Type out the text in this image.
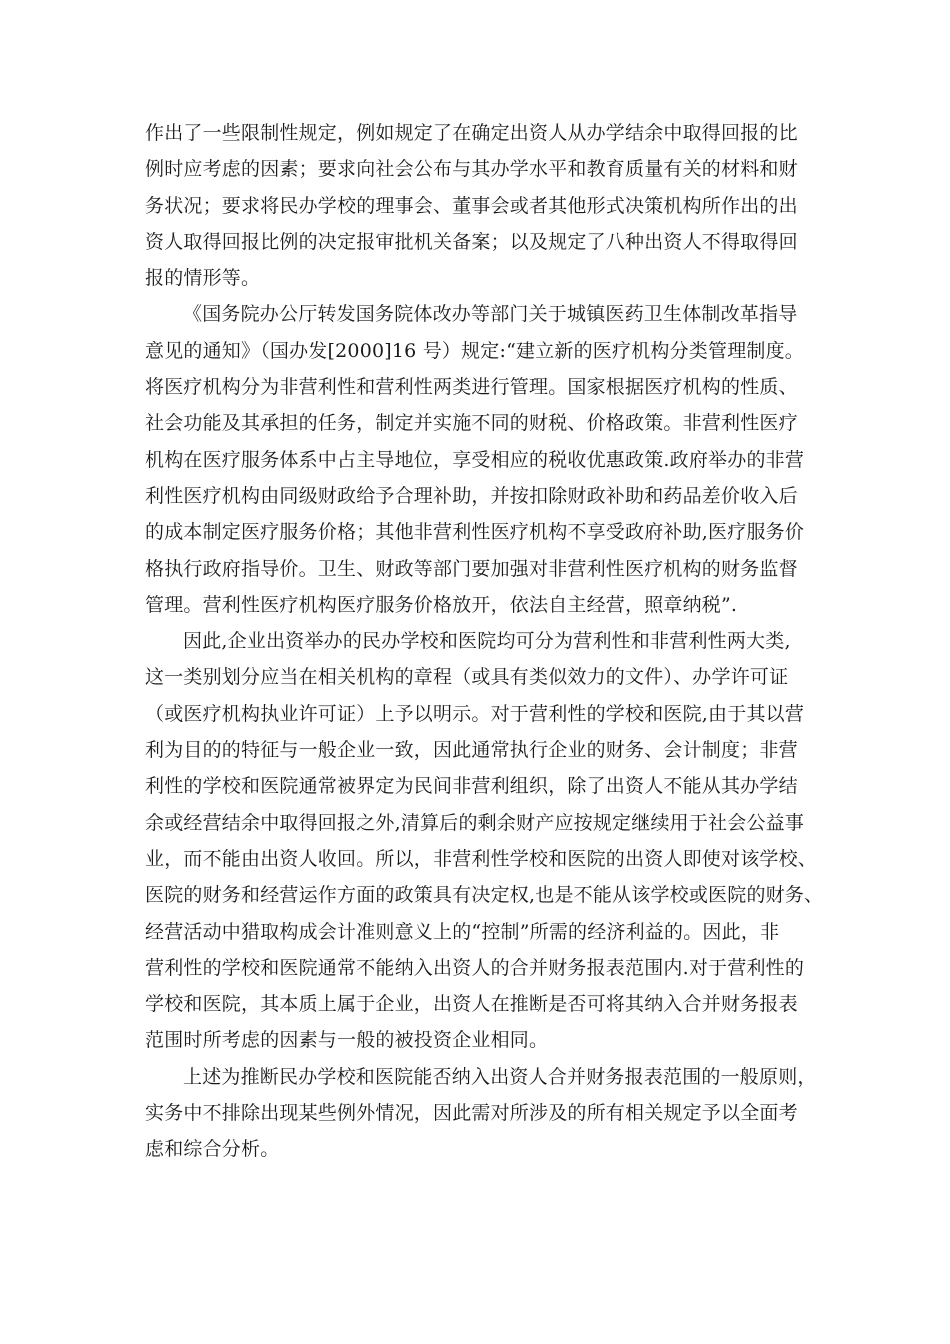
作出了一些限制性规定，例如规定了在确定出资人从办学结余中取得回报的比
例时应考虑的因素；要求向社会公布与其办学水平和教育质量有关的材料和财
务状况；要求将民办学校的理事会、董事会或者其他形式决策机构所作出的出
资人取得回报比例的决定报审批机关备案；以及规定了八种出资人不得取得回
报的情形等。

《国务院办公厅转发国务院体改办等部门关于城镇医药卫生体制改革指导
意见的通知》（国办发[2000]16 号）规定:“建立新的医疗机构分类管理制度。
将医疗机构分为非营利性和营利性两类进行管理。国家根据医疗机构的性质、
社会功能及其承担的任务，制定并实施不同的财税、价格政策。非营利性医疗
机构在医疗服务体系中占主导地位，享受相应的税收优惠政策.政府举办的非营
利性医疗机构由同级财政给予合理补助，并按扣除财政补助和药品差价收入后
的成本制定医疗服务价格；其他非营利性医疗机构不享受政府补助,医疗服务价
格执行政府指导价。卫生、财政等部门要加强对非营利性医疗机构的财务监督
管理。营利性医疗机构医疗服务价格放开，依法自主经营，照章纳税”.

因此,企业出资举办的民办学校和医院均可分为营利性和非营利性两大类,
这一类别划分应当在相关机构的章程（或具有类似效力的文件）、办学许可证
（或医疗机构执业许可证）上予以明示。对于营利性的学校和医院,由于其以营
利为目的的特征与一般企业一致，因此通常执行企业的财务、会计制度；非营
利性的学校和医院通常被界定为民间非营利组织，除了出资人不能从其办学结
余或经营结余中取得回报之外,清算后的剩余财产应按规定继续用于社会公益事
业，而不能由出资人收回。所以，非营利性学校和医院的出资人即使对该学校、
医院的财务和经营运作方面的政策具有决定权,也是不能从该学校或医院的财务、
经营活动中猎取构成会计准则意义上的“控制”所需的经济利益的。因此，非
营利性的学校和医院通常不能纳入出资人的合并财务报表范围内.对于营利性的
学校和医院，其本质上属于企业，出资人在推断是否可将其纳入合并财务报表
范围时所考虑的因素与一般的被投资企业相同。

上述为推断民办学校和医院能否纳入出资人合并财务报表范围的一般原则，
实务中不排除出现某些例外情况，因此需对所涉及的所有相关规定予以全面考
虑和综合分析。
